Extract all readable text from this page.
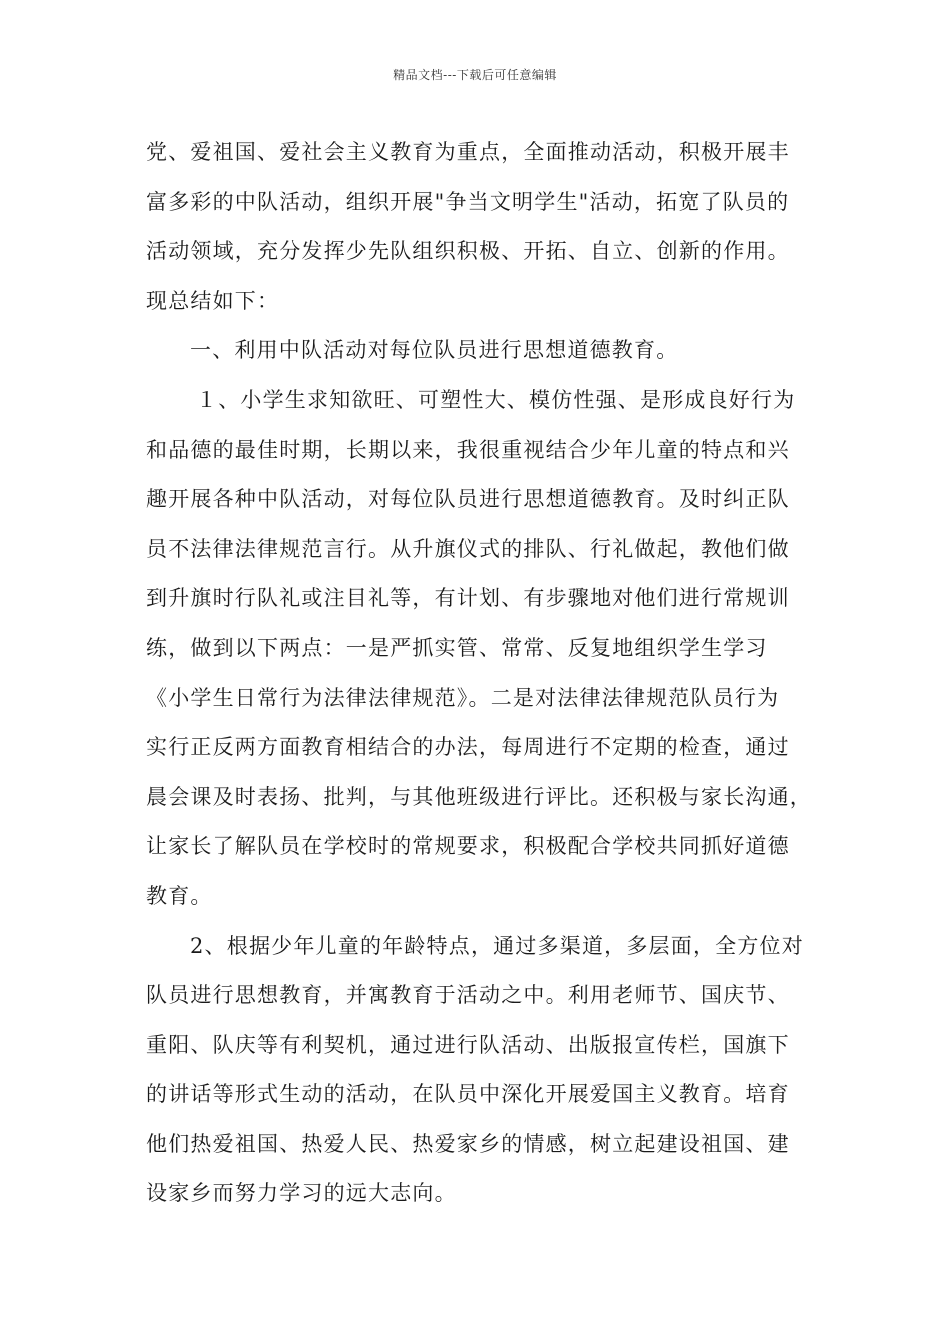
精品文档---下载后可任意编辑
党、爱祖国、爱社会主义教育为重点，全面推动活动，积极开展丰
富多彩的中队活动，组织开展"争当文明学生"活动，拓宽了队员的
活动领域，充分发挥少先队组织积极、开拓、自立、创新的作用。
现总结如下：
一、利用中队活动对每位队员进行思想道德教育。
１、小学生求知欲旺、可塑性大、模仿性强、是形成良好行为
和品德的最佳时期，长期以来，我很重视结合少年儿童的特点和兴
趣开展各种中队活动，对每位队员进行思想道德教育。及时纠正队
员不法律法律规范言行。从升旗仪式的排队、行礼做起，教他们做
到升旗时行队礼或注目礼等，有计划、有步骤地对他们进行常规训
练，做到以下两点：一是严抓实管、常常、反复地组织学生学习
《小学生日常行为法律法律规范》。二是对法律法律规范队员行为
实行正反两方面教育相结合的办法，每周进行不定期的检查，通过
晨会课及时表扬、批判，与其他班级进行评比。还积极与家长沟通，
让家长了解队员在学校时的常规要求，积极配合学校共同抓好道德
教育。
2、根据少年儿童的年龄特点，通过多渠道，多层面，全方位对
队员进行思想教育，并寓教育于活动之中。利用老师节、国庆节、
重阳、队庆等有利契机，通过进行队活动、出版报宣传栏，国旗下
的讲话等形式生动的活动，在队员中深化开展爱国主义教育。培育
他们热爱祖国、热爱人民、热爱家乡的情感，树立起建设祖国、建
设家乡而努力学习的远大志向。
